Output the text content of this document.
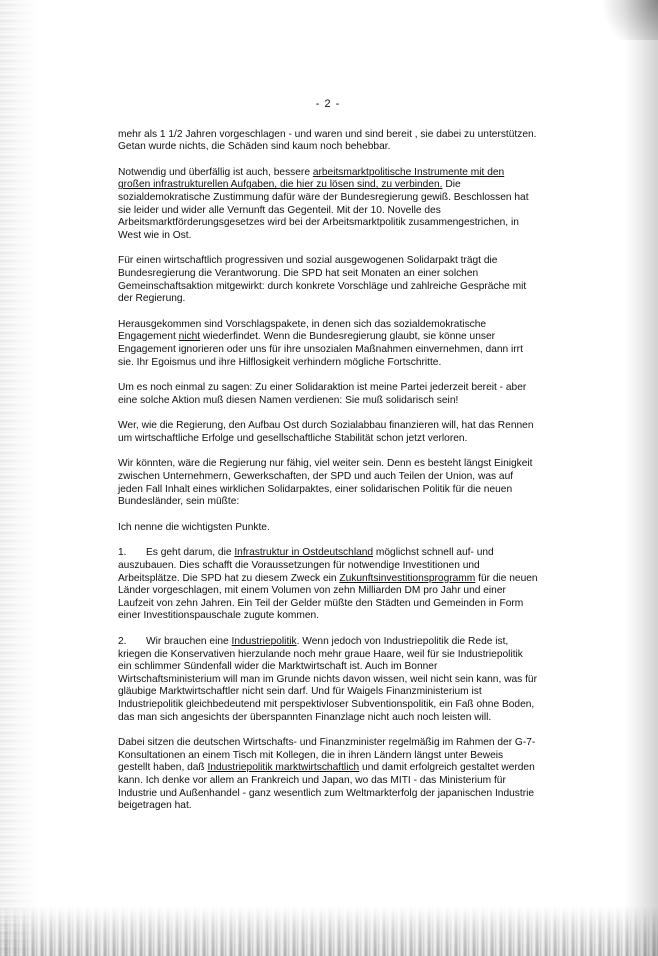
- 2 -

mehr als 1 1/2 Jahren vorgeschlagen - und waren und sind bereit , sie dabei zu unterstützen. Getan wurde nichts, die Schäden sind kaum noch behebbar.

Notwendig und überfällig ist auch, bessere arbeitsmarktpolitische Instrumente mit den großen infrastrukturellen Aufgaben, die hier zu lösen sind, zu verbinden. Die sozialdemokratische Zustimmung dafür wäre der Bundesregierung gewiß. Beschlossen hat sie leider und wider alle Vernunft das Gegenteil. Mit der 10. Novelle des Arbeitsmarktförderungsgesetzes wird bei der Arbeitsmarktpolitik zusammengestrichen, in West wie in Ost.

Für einen wirtschaftlich progressiven und sozial ausgewogenen Solidarpakt trägt die Bundesregierung die Verantworung. Die SPD hat seit Monaten an einer solchen Gemeinschaftsaktion mitgewirkt: durch konkrete Vorschläge und zahlreiche Gespräche mit der Regierung.

Herausgekommen sind Vorschlagspakete, in denen sich das sozialdemokratische Engagement nicht wiederfindet. Wenn die Bundesregierung glaubt, sie könne unser Engagement ignorieren oder uns für ihre unsozialen Maßnahmen einvernehmen, dann irrt sie. Ihr Egoismus und ihre Hilflosigkeit verhindern mögliche Fortschritte.

Um es noch einmal zu sagen: Zu einer Solidaraktion ist meine Partei jederzeit bereit - aber eine solche Aktion muß diesen Namen verdienen: Sie muß solidarisch sein!

Wer, wie die Regierung, den Aufbau Ost durch Sozialabbau finanzieren will, hat das Rennen um wirtschaftliche Erfolge und gesellschaftliche Stabilität schon jetzt verloren.

Wir könnten, wäre die Regierung nur fähig, viel weiter sein. Denn es besteht längst Einigkeit zwischen Unternehmern, Gewerkschaften, der SPD und auch Teilen der Union, was auf jeden Fall Inhalt eines wirklichen Solidarpaktes, einer solidarischen Politik für die neuen Bundesländer, sein müßte:

Ich nenne die wichtigsten Punkte.

1. Es geht darum, die Infrastruktur in Ostdeutschland möglichst schnell auf- und auszubauen. Dies schafft die Voraussetzungen für notwendige Investitionen und Arbeitsplätze. Die SPD hat zu diesem Zweck ein Zukunftsinvestitionsprogramm für die neuen Länder vorgeschlagen, mit einem Volumen von zehn Milliarden DM pro Jahr und einer Laufzeit von zehn Jahren. Ein Teil der Gelder müßte den Städten und Gemeinden in Form einer Investitionspauschale zugute kommen.

2. Wir brauchen eine Industriepolitik. Wenn jedoch von Industriepolitik die Rede ist, kriegen die Konservativen hierzulande noch mehr graue Haare, weil für sie Industriepolitik ein schlimmer Sündenfall wider die Marktwirtschaft ist. Auch im Bonner Wirtschaftsministerium will man im Grunde nichts davon wissen, weil nicht sein kann, was für gläubige Marktwirtschaftler nicht sein darf. Und für Waigels Finanzministerium ist Industriepolitik gleichbedeutend mit perspektivloser Subventionspolitik, ein Faß ohne Boden, das man sich angesichts der überspannten Finanzlage nicht auch noch leisten will.

Dabei sitzen die deutschen Wirtschafts- und Finanzminister regelmäßig im Rahmen der G-7-Konsultationen an einem Tisch mit Kollegen, die in ihren Ländern längst unter Beweis gestellt haben, daß Industriepolitik marktwirtschaftlich und damit erfolgreich gestaltet werden kann. Ich denke vor allem an Frankreich und Japan, wo das MITI - das Ministerium für Industrie und Außenhandel - ganz wesentlich zum Weltmarkterfolg der japanischen Industrie beigetragen hat.
